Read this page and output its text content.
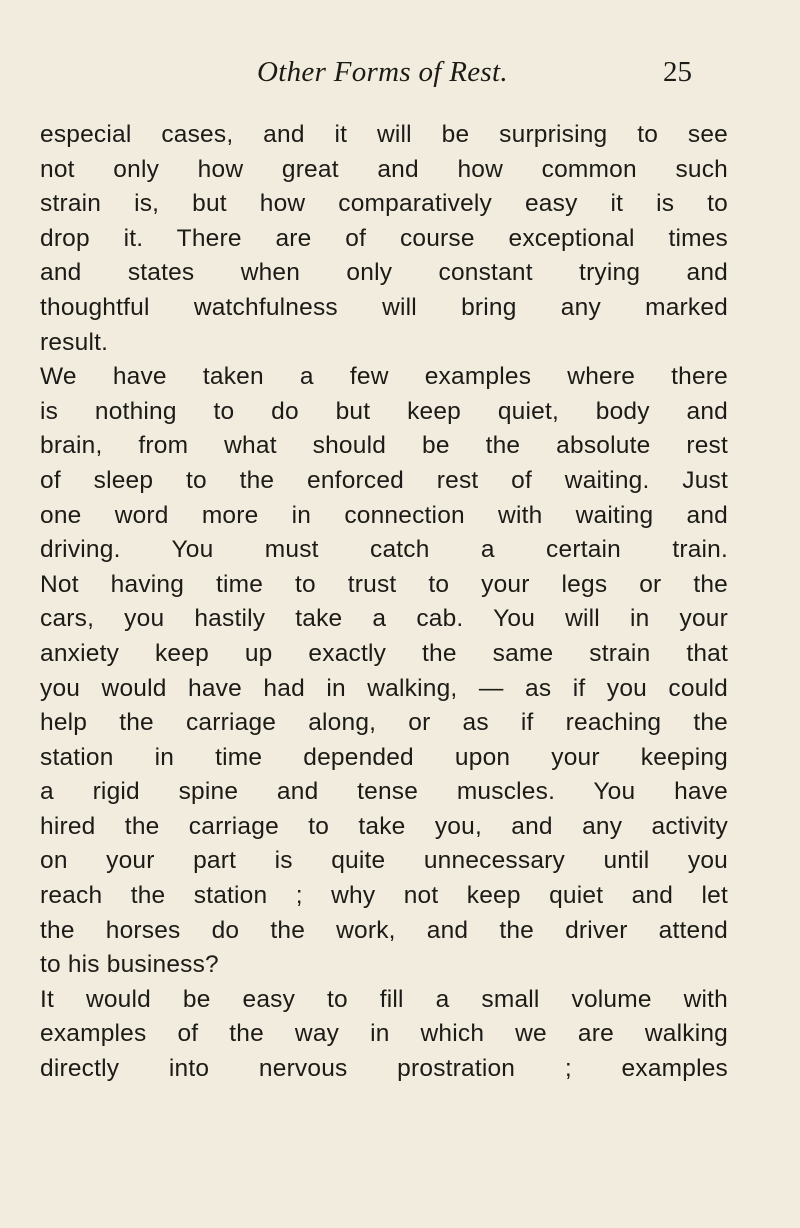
Other Forms of Rest.	25
especial cases, and it will be surprising to see
not only how great and how common such
strain is, but how comparatively easy it is to
drop it. There are of course exceptional times
and states when only constant trying and
thoughtful watchfulness will bring any marked
result.
We have taken a few examples where there
is nothing to do but keep quiet, body and
brain, from what should be the absolute rest
of sleep to the enforced rest of waiting. Just
one word more in connection with waiting and
driving. You must catch a certain train.
Not having time to trust to your legs or the
cars, you hastily take a cab. You will in your
anxiety keep up exactly the same strain that
you would have had in walking, — as if you could
help the carriage along, or as if reaching the
station in time depended upon your keeping
a rigid spine and tense muscles. You have
hired the carriage to take you, and any activity
on your part is quite unnecessary until you
reach the station ; why not keep quiet and let
the horses do the work, and the driver attend
to his business?
It would be easy to fill a small volume with
examples of the way in which we are walking
directly into nervous prostration ; examples
